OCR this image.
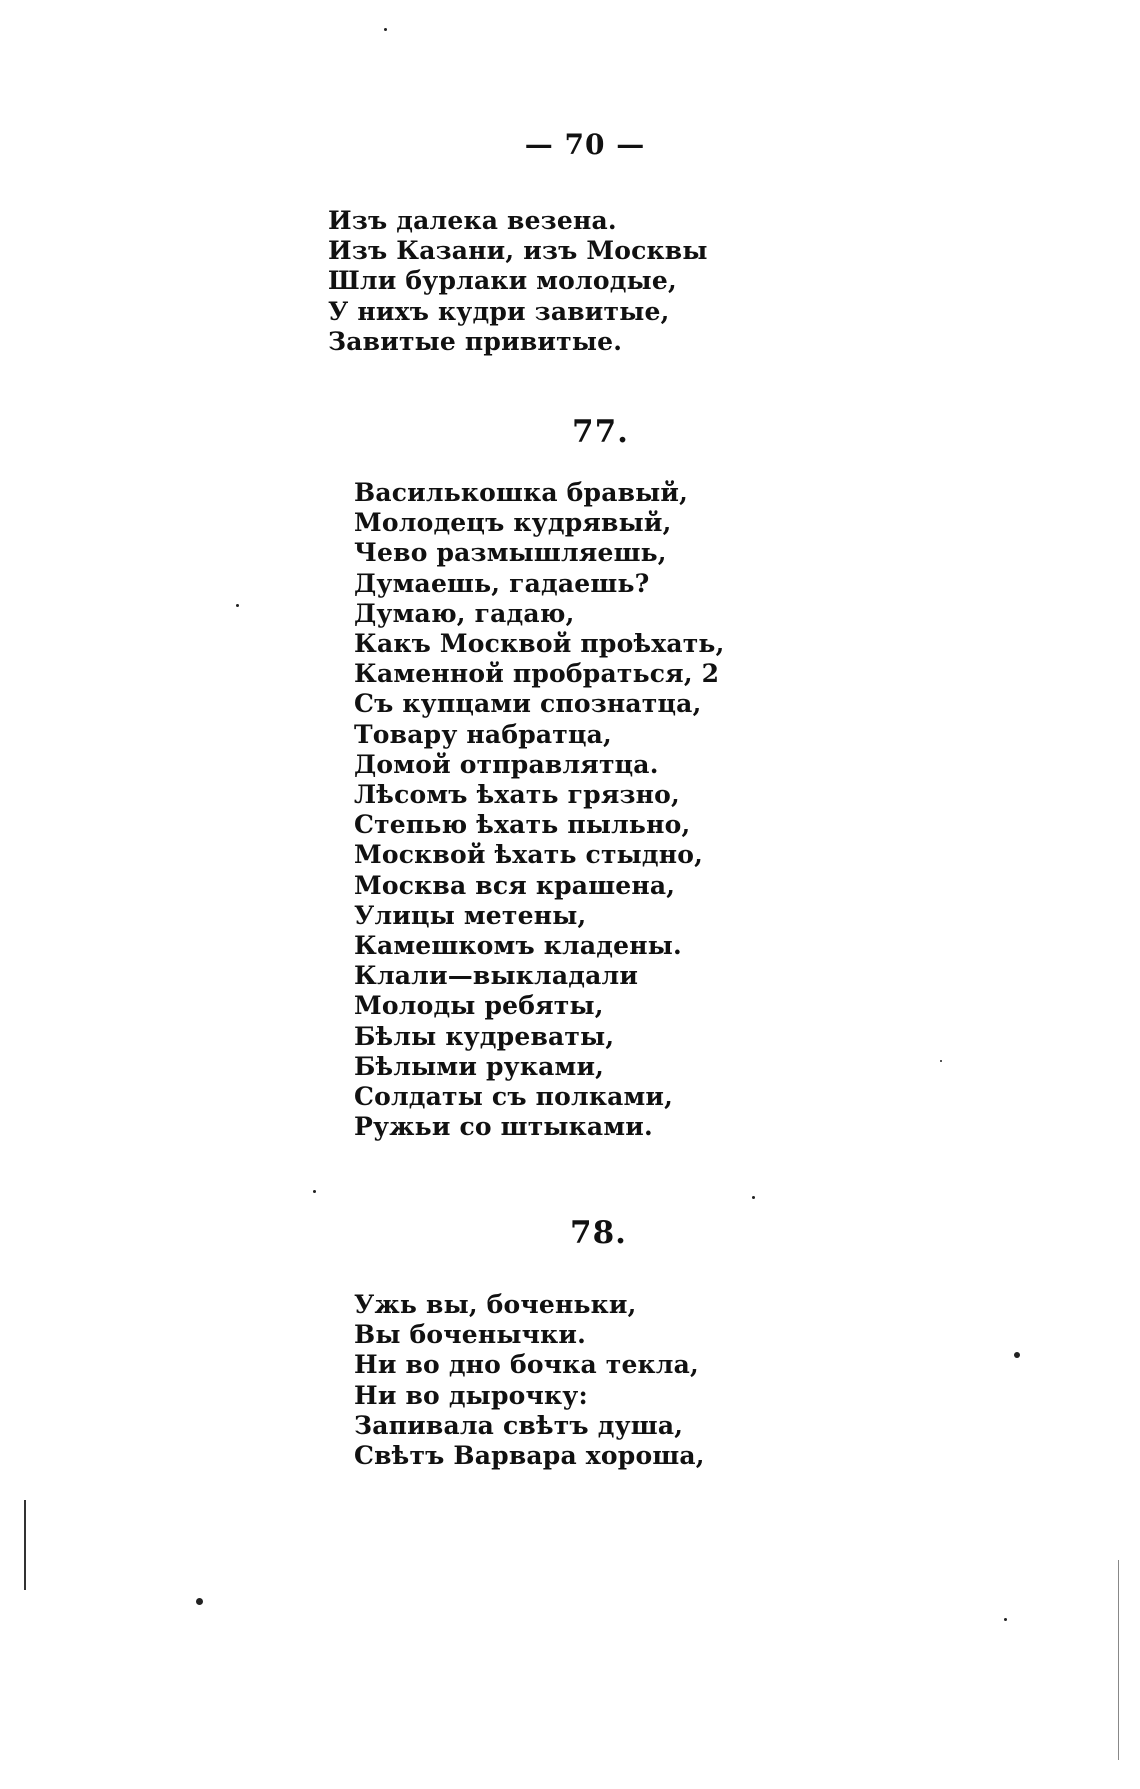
— 70 —
Изъ далека везена.
Изъ Казани, изъ Москвы
Шли бурлаки молодые,
У нихъ кудри завитые,
Завитые привитые.
77.
Василькошка бравый,
Молодецъ кудрявый,
Чево размышляешь,
Думаешь, гадаешь?
Думаю, гадаю,
Какъ Москвой проѣхать,
Каменной пробраться, 2
Съ купцами спознатца,
Товару набратца,
Домой отправлятца.
Лѣсомъ ѣхать грязно,
Степью ѣхать пыльно,
Москвой ѣхать стыдно,
Москва вся крашена,
Улицы метены,
Камешкомъ кладены.
Клали—выкладали
Молоды ребяты,
Бѣлы кудреваты,
Бѣлыми руками,
Солдаты съ полками,
Ружьи со штыками.
78.
Ужь вы, боченьки,
Вы боченычки.
Ни во дно бочка текла,
Ни во дырочку:
Запивала свѣтъ душа,
Свѣтъ Варвара хороша,
